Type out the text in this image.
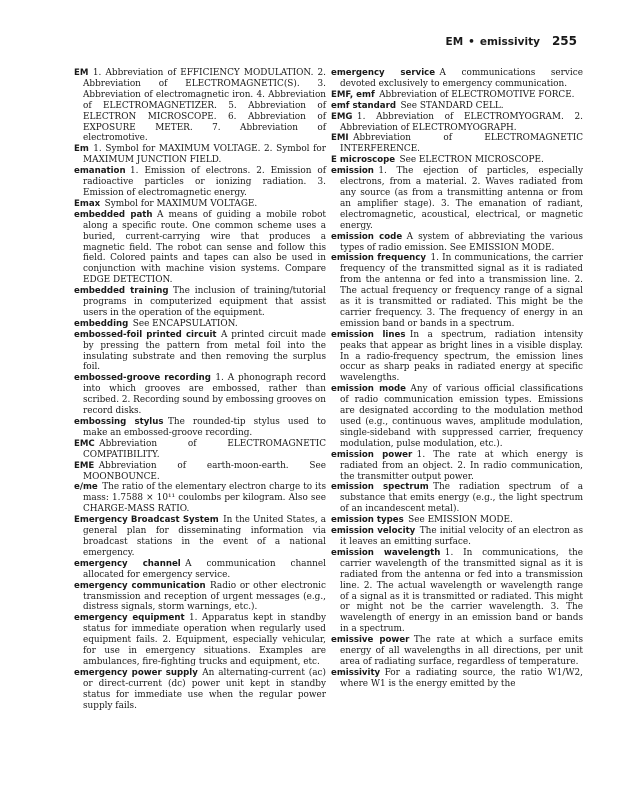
EM • emissivity 255

EM  1. Abbreviation of EFFICIENCY MODULATION. 2. Abbreviation of ELECTROMAGNETIC(S). 3. Abbreviation of electromagnetic iron. 4. Abbreviation of ELECTROMAGNETIZER. 5. Abbreviation of ELECTRON MICROSCOPE. 6. Abbreviation of EXPOSURE METER. 7. Abbreviation of electromotive.

Em  1. Symbol for MAXIMUM VOLTAGE. 2. Symbol for MAXIMUM JUNCTION FIELD.

emanation  1. Emission of electrons. 2. Emission of radioactive particles or ionizing radiation. 3. Emission of electromagnetic energy.

Emax  Symbol for MAXIMUM VOLTAGE.

embedded path  A means of guiding a mobile robot along a specific route. One common scheme uses a buried, current-carrying wire that produces a magnetic field. The robot can sense and follow this field. Colored paints and tapes can also be used in conjunction with machine vision systems. Compare EDGE DETECTION.

embedded training  The inclusion of training/tutorial programs in computerized equipment that assist users in the operation of the equipment.

embedding  See ENCAPSULATION.

embossed-foil printed circuit  A printed circuit made by pressing the pattern from metal foil into the insulating substrate and then removing the surplus foil.

embossed-groove recording  1. A phonograph record into which grooves are embossed, rather than scribed. 2. Recording sound by embossing grooves on record disks.

embossing stylus  The rounded-tip stylus used to make an embossed-groove recording.

EMC  Abbreviation of ELECTROMAGNETIC COMPATIBILITY.

EME  Abbreviation of earth-moon-earth. See MOONBOUNCE.

e/me  The ratio of the elementary electron charge to its mass: 1.7588 × 10¹¹ coulombs per kilogram. Also see CHARGE-MASS RATIO.

Emergency Broadcast System  In the United States, a general plan for disseminating information via broadcast stations in the event of a national emergency.

emergency channel  A communication channel allocated for emergency service.

emergency communication  Radio or other electronic transmission and reception of urgent messages (e.g., distress signals, storm warnings, etc.).

emergency equipment  1. Apparatus kept in standby status for immediate operation when regularly used equipment fails. 2. Equipment, especially vehicular, for use in emergency situations. Examples are ambulances, fire-fighting trucks and equipment, etc.

emergency power supply  An alternating-current (ac) or direct-current (dc) power unit kept in standby status for immediate use when the regular power supply fails.

emergency service  A communications service devoted exclusively to emergency communication.

EMF, emf  Abbreviation of ELECTROMOTIVE FORCE.

emf standard  See STANDARD CELL.

EMG  1. Abbreviation of ELECTROMYOGRAM. 2. Abbreviation of ELECTROMYOGRAPH.

EMI  Abbreviation of ELECTROMAGNETIC INTERFERENCE.

E microscope  See ELECTRON MICROSCOPE.

emission  1. The ejection of particles, especially electrons, from a material. 2. Waves radiated from any source (as from a transmitting antenna or from an amplifier stage). 3. The emanation of radiant, electromagnetic, acoustical, electrical, or magnetic energy.

emission code  A system of abbreviating the various types of radio emission. See EMISSION MODE.

emission frequency  1. In communications, the carrier frequency of the transmitted signal as it is radiated from the antenna or fed into a transmission line. 2. The actual frequency or frequency range of a signal as it is transmitted or radiated. This might be the carrier frequency. 3. The frequency of energy in an emission band or bands in a spectrum.

emission lines  In a spectrum, radiation intensity peaks that appear as bright lines in a visible display. In a radio-frequency spectrum, the emission lines occur as sharp peaks in radiated energy at specific wavelengths.

emission mode  Any of various official classifications of radio communication emission types. Emissions are designated according to the modulation method used (e.g., continuous waves, amplitude modulation, single-sideband with suppressed carrier, frequency modulation, pulse modulation, etc.).

emission power  1. The rate at which energy is radiated from an object. 2. In radio communication, the transmitter output power.

emission spectrum  The radiation spectrum of a substance that emits energy (e.g., the light spectrum of an incandescent metal).

emission types  See EMISSION MODE.

emission velocity  The initial velocity of an electron as it leaves an emitting surface.

emission wavelength  1. In communications, the carrier wavelength of the transmitted signal as it is radiated from the antenna or fed into a transmission line. 2. The actual wavelength or wavelength range of a signal as it is transmitted or radiated. This might or might not be the carrier wavelength. 3. The wavelength of energy in an emission band or bands in a spectrum.

emissive power  The rate at which a surface emits energy of all wavelengths in all directions, per unit area of radiating surface, regardless of temperature.

emissivity  For a radiating source, the ratio W1/W2, where W1 is the energy emitted by the
